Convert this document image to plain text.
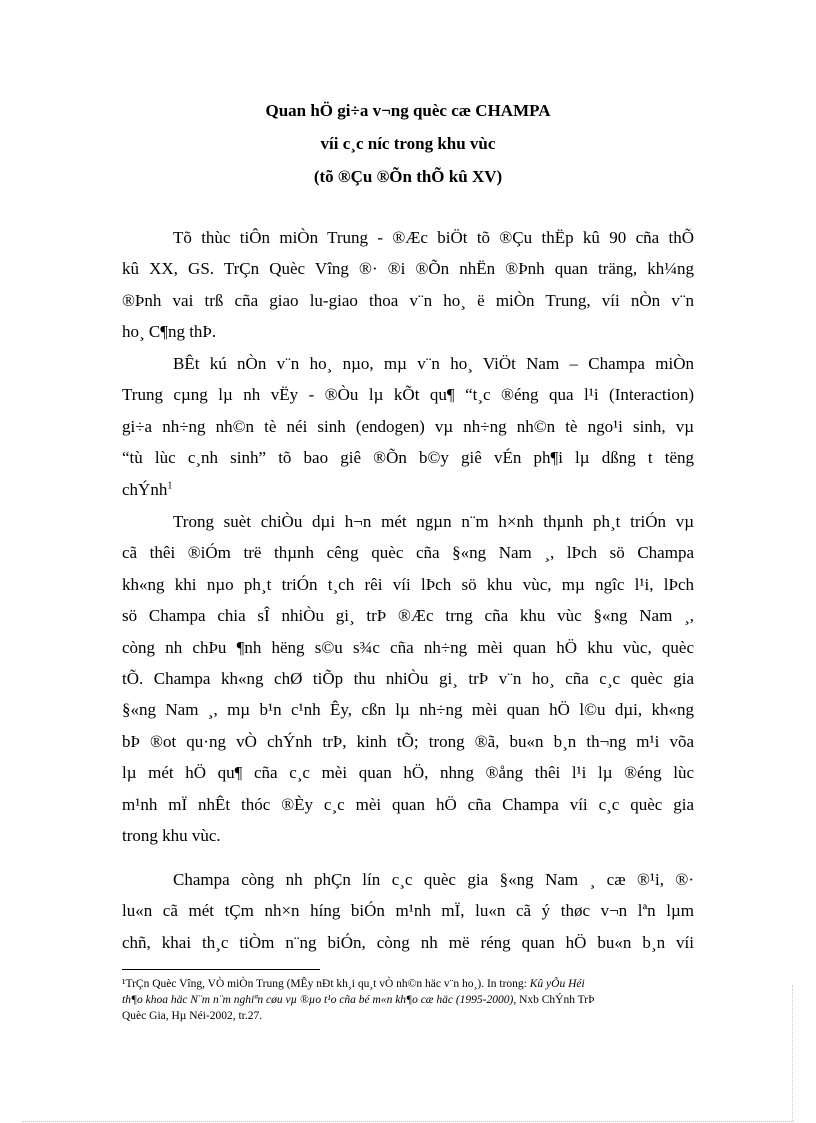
Quan hÖ gi÷a v¬ng quèc cæ CHAMPA
víi c¸c níc trong khu vùc
(tõ ®Çu ®Õn thÕ kû XV)
Tõ thùc tiÔn miÒn Trung - ®Æc biÖt tõ ®Çu thËp kû 90 cña thÕ
kû XX, GS. TrÇn Quèc Vîng ®· ®i ®Õn nhËn ®Þnh quan träng, kh¼ng
®Þnh vai trß cña giao lu-giao thoa v¨n ho¸ ë miÒn Trung, víi nÒn v¨n
ho¸ C¶ng thÞ.
BÊt kú nÒn v¨n ho¸ nµo, mµ v¨n ho¸ ViÖt Nam – Champa miÒn
Trung cµng lµ nh vËy - ®Òu lµ kÕt qu¶ “t¸c ®éng qua l¹i (Interaction)
gi÷a nh÷ng nh©n tè néi sinh (endogen) vµ nh÷ng nh©n tè ngo¹i sinh, vµ
“tù lùc c¸nh sinh” tõ bao giê ®Õn b©y giê vÉn ph¶i lµ dßng t tëng
chÝnh$^1$
Trong suèt chiÒu dµi h¬n mét ngµn n¨m h×nh thµnh ph¸t triÓn vµ
cã thêi ®iÓm trë thµnh cêng quèc cña §«ng Nam ¸, lÞch sö Champa
kh«ng khi nµo ph¸t triÓn t¸ch rêi víi lÞch sö khu vùc, mµ ngîc l¹i, lÞch
sö Champa chia sÎ nhiÒu gi¸ trÞ ®Æc trng cña khu vùc §«ng Nam ¸,
còng nh chÞu ¶nh hëng s©u s¾c cña nh÷ng mèi quan hÖ khu vùc, quèc
tÕ. Champa kh«ng chØ tiÕp thu nhiÒu gi¸ trÞ v¨n ho¸ cña c¸c quèc gia
§«ng Nam ¸, mµ b¹n c¹nh Êy, cßn lµ nh÷ng mèi quan hÖ l©u dµi, kh«ng
bÞ ®ot qu·ng vÒ chÝnh trÞ, kinh tÕ; trong ®ã, bu«n b¸n th¬ng m¹i võa
lµ mét hÖ qu¶ cña c¸c mèi quan hÖ, nhng ®ång thêi l¹i lµ ®éng lùc
m¹nh mÏ nhÊt thóc ®Èy c¸c mèi quan hÖ cña Champa víi c¸c quèc gia
trong khu vùc.
Champa còng nh phÇn lín c¸c quèc gia §«ng Nam ¸ cæ ®¹i, ®·
lu«n cã mét tÇm nh×n híng biÓn m¹nh mÏ, lu«n cã ý thøc v¬n lªn lµm
chñ, khai th¸c tiÒm n¨ng biÓn, còng nh më réng quan hÖ bu«n b¸n víi
¹TrÇn Quèc Vîng, VÒ miÒn Trung (MÊy nÐt kh¸i qu¸t vÒ nh©n häc v¨n ho¸). In trong: Kû yÕu Héi
th¶o khoa häc N¨m n¨m nghiªn cøu vµ ®µo t¹o cña bé m«n kh¶o cæ häc (1995-2000), Nxb ChÝnh TrÞ
Quèc Gia, Hµ Néi-2002, tr.27.
